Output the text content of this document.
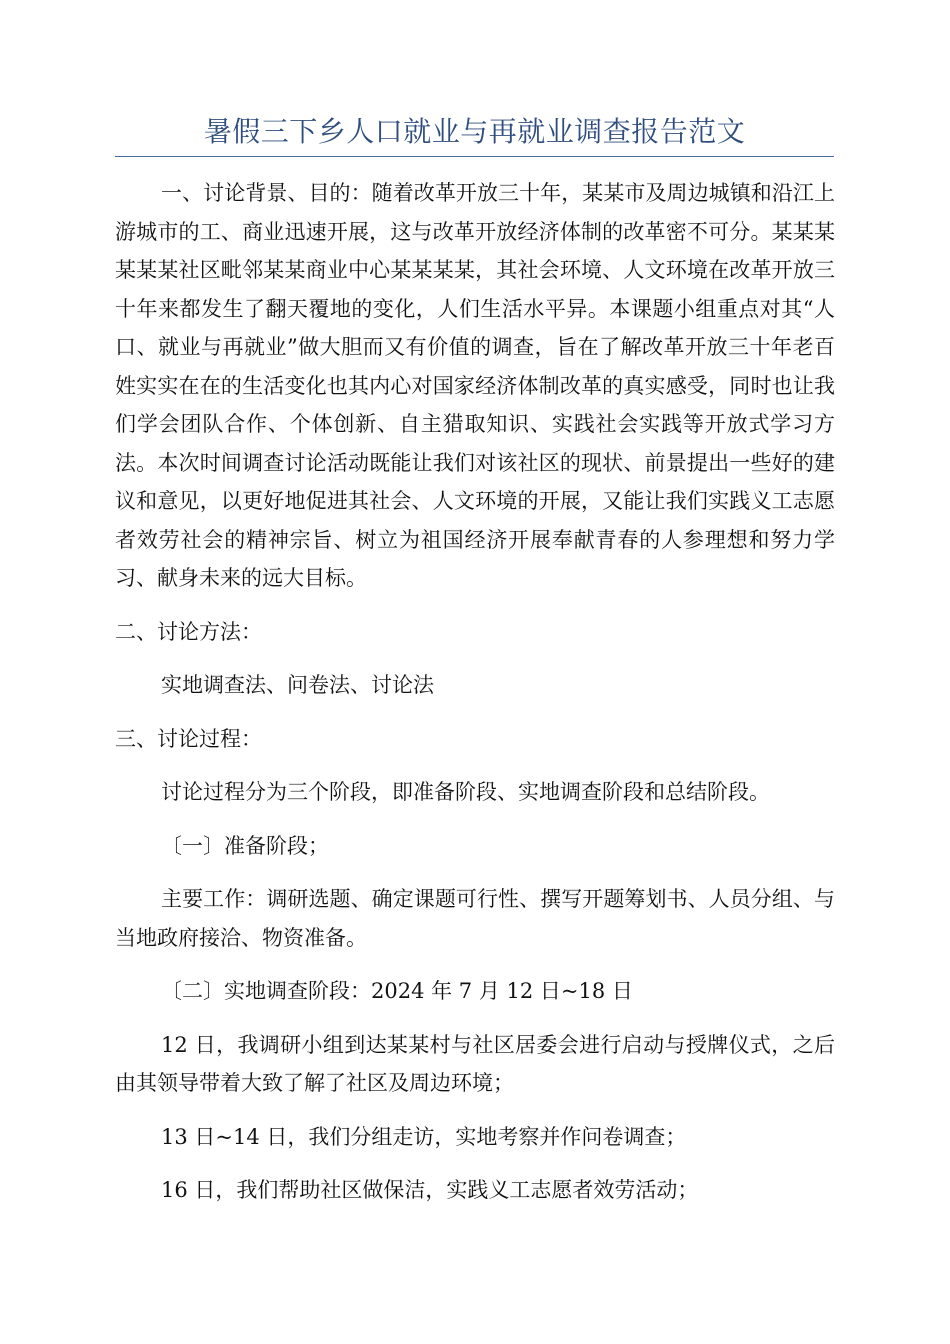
暑假三下乡人口就业与再就业调查报告范文

一、讨论背景、目的：随着改革开放三十年，某某市及周边城镇和沿江上游城市的工、商业迅速开展，这与改革开放经济体制的改革密不可分。某某某某某某社区毗邻某某商业中心某某某某，其社会环境、人文环境在改革开放三十年来都发生了翻天覆地的变化，人们生活水平异。本课题小组重点对其“人口、就业与再就业”做大胆而又有价值的调查，旨在了解改革开放三十年老百姓实实在在的生活变化也其内心对国家经济体制改革的真实感受，同时也让我们学会团队合作、个体创新、自主猎取知识、实践社会实践等开放式学习方法。本次时间调查讨论活动既能让我们对该社区的现状、前景提出一些好的建议和意见，以更好地促进其社会、人文环境的开展，又能让我们实践义工志愿者效劳社会的精神宗旨、树立为祖国经济开展奉献青春的人参理想和努力学习、献身未来的远大目标。

二、讨论方法：

实地调查法、问卷法、讨论法

三、讨论过程：

讨论过程分为三个阶段，即准备阶段、实地调查阶段和总结阶段。

〔一〕准备阶段；

主要工作：调研选题、确定课题可行性、撰写开题筹划书、人员分组、与当地政府接洽、物资准备。

〔二〕实地调查阶段：2024 年 7 月 12 日~18 日

12 日，我调研小组到达某某村与社区居委会进行启动与授牌仪式，之后由其领导带着大致了解了社区及周边环境；

13 日~14 日，我们分组走访，实地考察并作问卷调查；

16 日，我们帮助社区做保洁，实践义工志愿者效劳活动；
